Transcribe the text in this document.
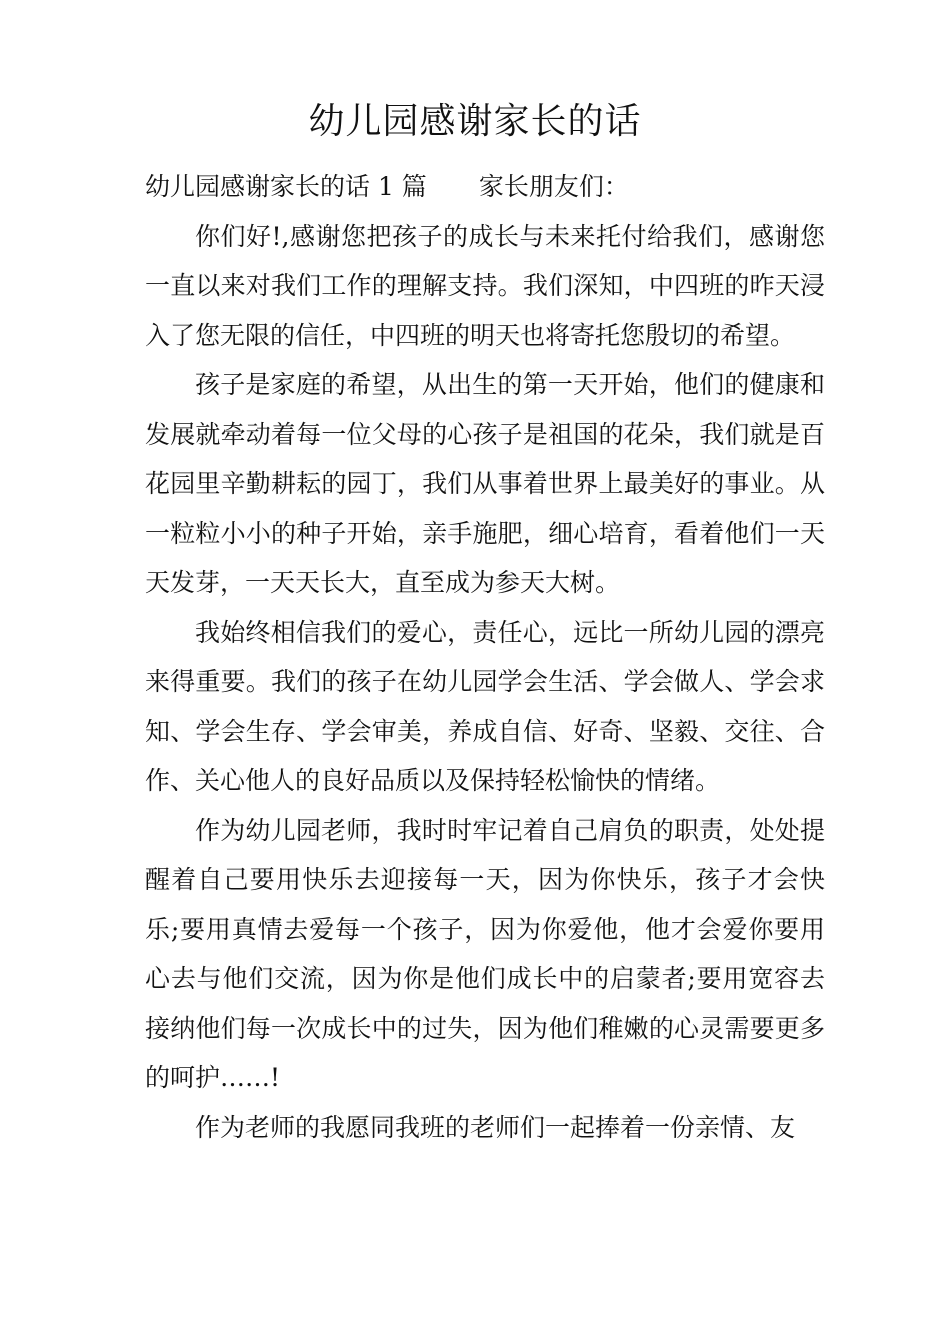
幼儿园感谢家长的话

幼儿园感谢家长的话 1 篇 家长朋友们：

你们好!,感谢您把孩子的成长与未来托付给我们，感谢您一直以来对我们工作的理解支持。我们深知，中四班的昨天浸入了您无限的信任，中四班的明天也将寄托您殷切的希望。

孩子是家庭的希望，从出生的第一天开始，他们的健康和发展就牵动着每一位父母的心孩子是祖国的花朵，我们就是百花园里辛勤耕耘的园丁，我们从事着世界上最美好的事业。从一粒粒小小的种子开始，亲手施肥，细心培育，看着他们一天天发芽，一天天长大，直至成为参天大树。

我始终相信我们的爱心，责任心，远比一所幼儿园的漂亮来得重要。我们的孩子在幼儿园学会生活、学会做人、学会求知、学会生存、学会审美，养成自信、好奇、坚毅、交往、合作、关心他人的良好品质以及保持轻松愉快的情绪。

作为幼儿园老师，我时时牢记着自己肩负的职责，处处提醒着自己要用快乐去迎接每一天，因为你快乐，孩子才会快乐;要用真情去爱每一个孩子，因为你爱他，他才会爱你要用心去与他们交流，因为你是他们成长中的启蒙者;要用宽容去接纳他们每一次成长中的过失，因为他们稚嫩的心灵需要更多的呵护……!

作为老师的我愿同我班的老师们一起捧着一份亲情、友
